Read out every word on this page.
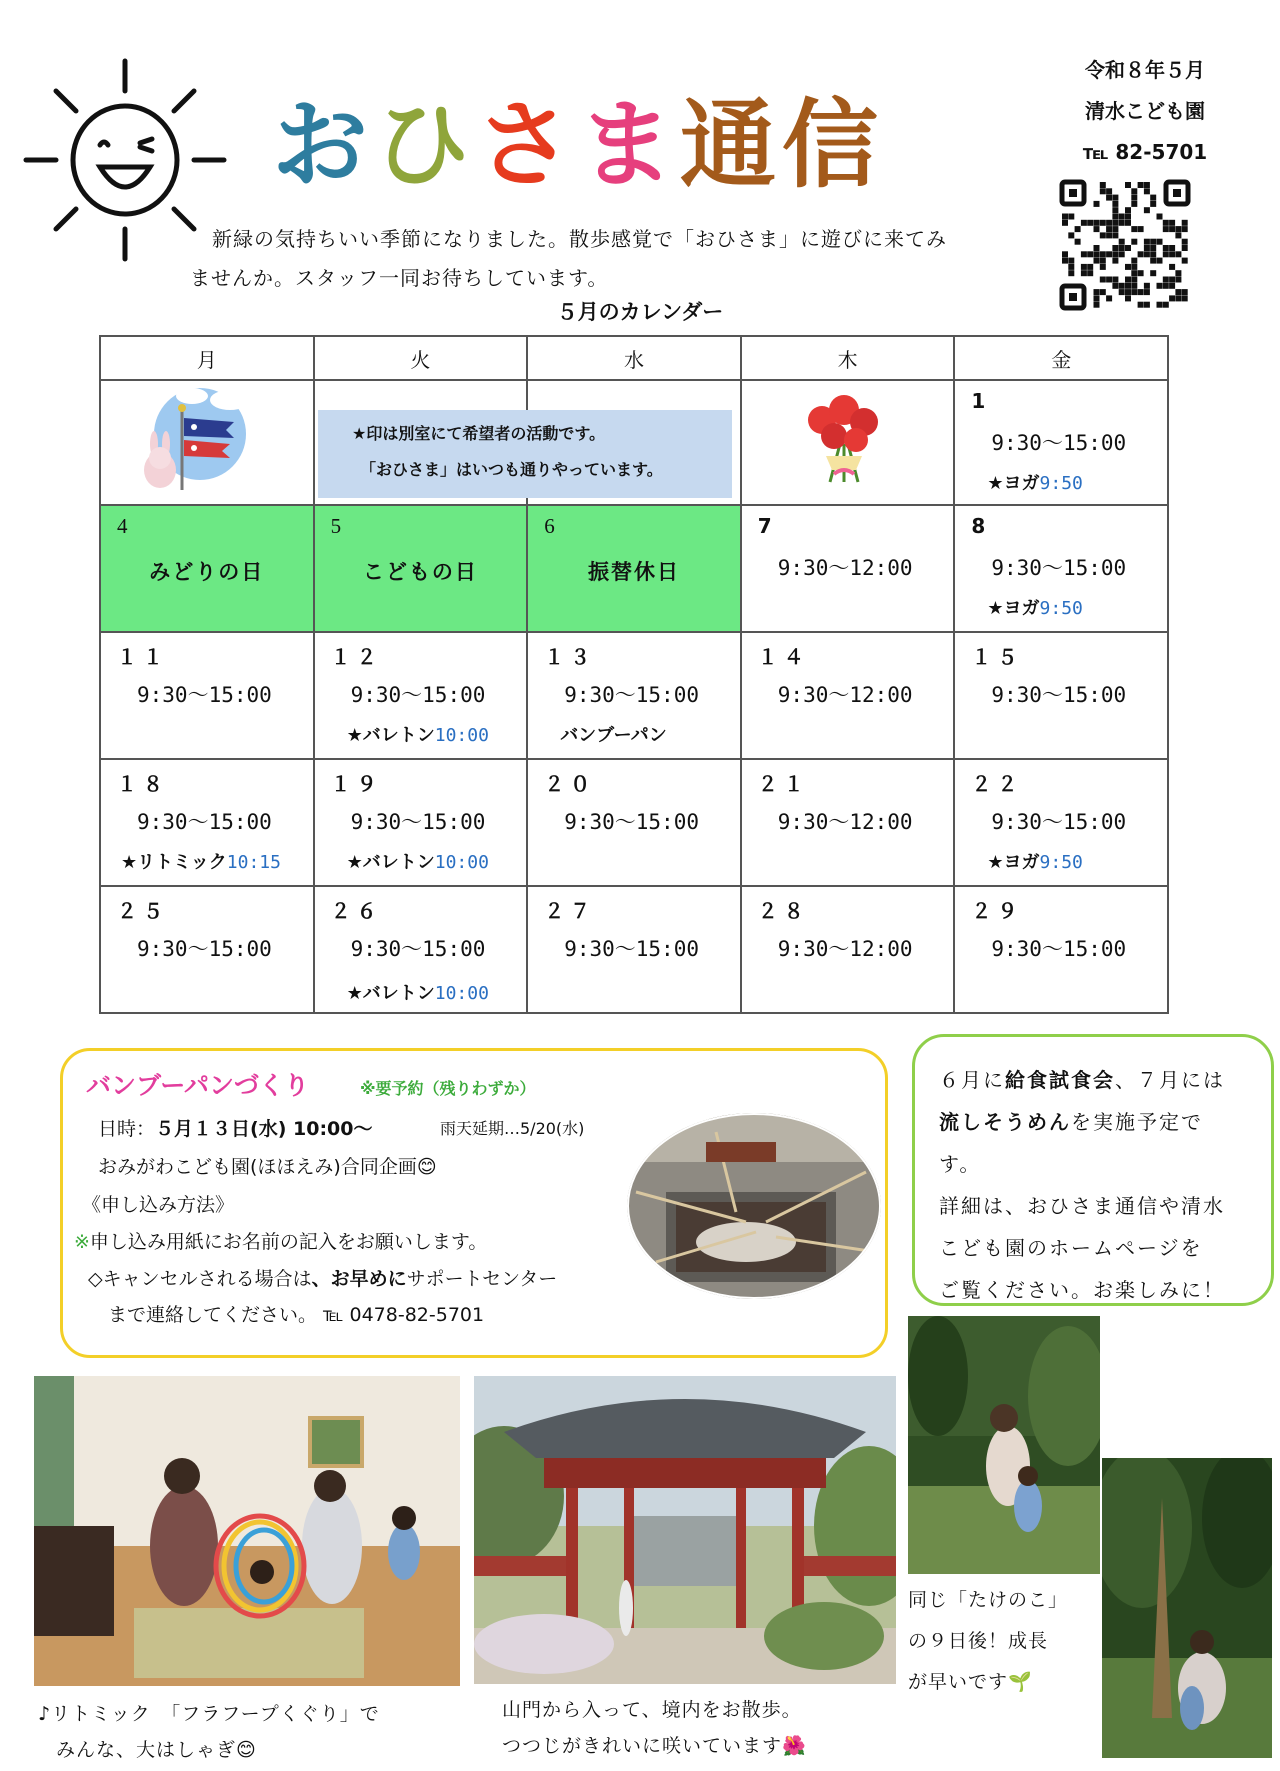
おひさま通信
令和８年５月
清水こども園
℡ 82-5701
新緑の気持ちいい季節になりました。散歩感覚で「おひさま」に遊びに来てみ
ませんか。スタッフ一同お待ちしています。
５月のカレンダー
月	火	水	木	金

				1
9:30～15:00
★ヨガ9:50

4
みどりの日	5
こどもの日	6
振替休日	7
9:30～12:00	8
9:30～15:00
★ヨガ9:50

１１
9:30～15:00	１２
9:30～15:00
★バレトン10:00	１３
9:30～15:00
バンブーパン	１４
9:30～12:00	１５
9:30～15:00

１８
9:30～15:00
★リトミック10:15	１９
9:30～15:00
★バレトン10:00	２０
9:30～15:00	２１
9:30～12:00	２２
9:30～15:00
★ヨガ9:50

２５
9:30～15:00	２６
9:30～15:00
★バレトン10:00	２７
9:30～15:00	２８
9:30～12:00	２９
9:30～15:00
★印は別室にて希望者の活動です。
「おひさま」はいつも通りやっています。
バンブーパンづくり	※要予約（残りわずか）
日時：５月１３日(水) 10:00～	雨天延期…5/20(水)
おみがわこども園(ほほえみ)合同企画😊
《申し込み方法》
※申し込み用紙にお名前の記入をお願いします。
◇キャンセルされる場合は、お早めにサポートセンター
まで連絡してください。 ℡ 0478-82-5701
６月に給食試食会、７月には
流しそうめんを実施予定で
す。
詳細は、おひさま通信や清水
こども園のホームページを
ご覧ください。お楽しみに！
♪リトミック　「フラフープくぐり」で
みんな、大はしゃぎ😊
山門から入って、境内をお散歩。
つつじがきれいに咲いています🌺
同じ「たけのこ」
の９日後！成長
が早いです🌱
